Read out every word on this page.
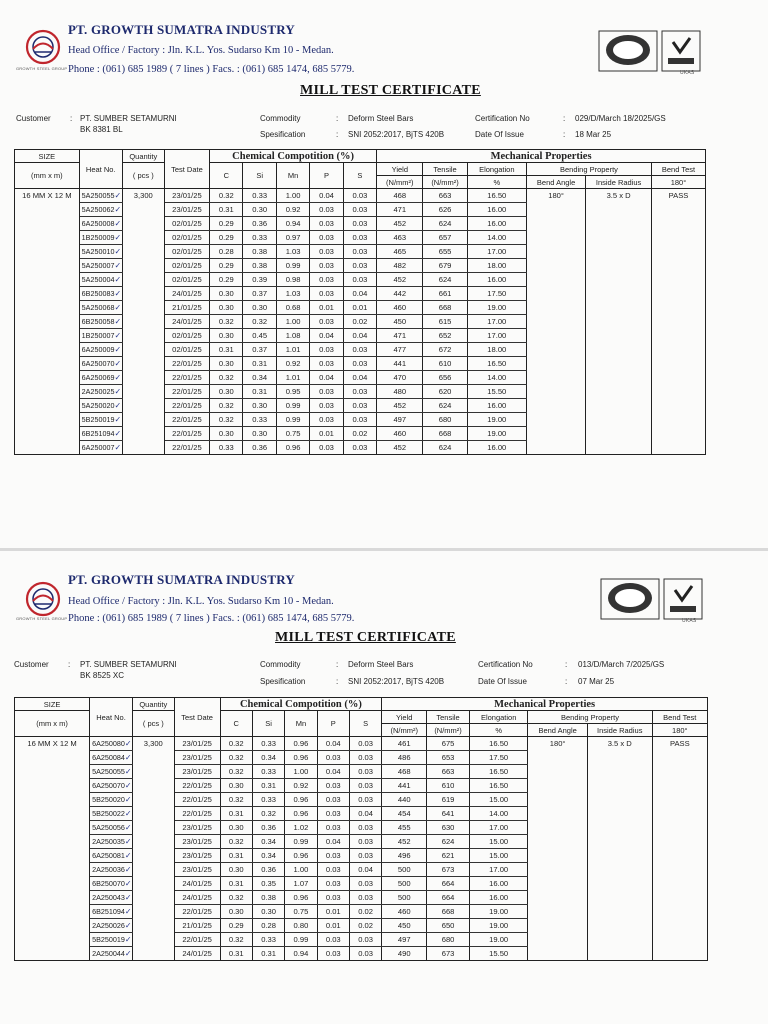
GROWTH STEEL GROUP
PT. GROWTH SUMATRA INDUSTRY
Head Office / Factory : Jln. K.L. Yos. Sudarso Km 10 - Medan.
Phone : (061) 685 1989 ( 7 lines ) Facs. : (061) 685 1474, 685 5779.	UKAS
MILL TEST CERTIFICATE
Customer : PT. SUMBER SETAMURNI
BK 8381 BL
Commodity	: Deform Steel Bars
Spesification	: SNI 2052:2017, BjTS 420B
Certification No	: 029/D/March 18/2025/GS
Date Of Issue	: 18 Mar 25
SIZE	Heat No.	Quantity	Test Date	Chemical Compotition (%)					Mechanical Properties					
(mm x m)		( pcs )		C	Si	Mn	P	S	Yield	Tensile	Elongation	Bending Property		Bend Test
									(N/mm²)	(N/mm²)	%	Bend Angle	Inside Radius	180°
16 MM X 12 M	5A250055✓	3,300	23/01/25	0.32	0.33	1.00	0.04	0.03	468	663	16.50	180°	3.5 x D	PASS
	5A250062✓		23/01/25	0.31	0.30	0.92	0.03	0.03	471	626	16.00			
	6A250008✓		02/01/25	0.29	0.36	0.94	0.03	0.03	452	624	16.00			
	1B250009✓		02/01/25	0.29	0.33	0.97	0.03	0.03	463	657	14.00			
	5A250010✓		02/01/25	0.28	0.38	1.03	0.03	0.03	465	655	17.00			
	5A250007✓		02/01/25	0.29	0.38	0.99	0.03	0.03	482	679	18.00			
	5A250004✓		02/01/25	0.29	0.39	0.98	0.03	0.03	452	624	16.00			
	6B250083✓		24/01/25	0.30	0.37	1.03	0.03	0.04	442	661	17.50			
	5A250068✓		21/01/25	0.30	0.30	0.68	0.01	0.01	460	668	19.00			
	6B250058✓		24/01/25	0.32	0.32	1.00	0.03	0.02	450	615	17.00			
	1B250007✓		02/01/25	0.30	0.45	1.08	0.04	0.04	471	652	17.00			
	6A250009✓		02/01/25	0.31	0.37	1.01	0.03	0.03	477	672	18.00			
	6A250070✓		22/01/25	0.30	0.31	0.92	0.03	0.03	441	610	16.50			
	6A250069✓		22/01/25	0.32	0.34	1.01	0.04	0.04	470	656	14.00			
	2A250025✓		22/01/25	0.30	0.31	0.95	0.03	0.03	480	620	15.50			
	5A250020✓		22/01/25	0.32	0.30	0.99	0.03	0.03	452	624	16.00			
	5B250019✓		22/01/25	0.32	0.33	0.99	0.03	0.03	497	680	19.00			
	6B251094✓		22/01/25	0.30	0.30	0.75	0.01	0.02	460	668	19.00			
	6A250007✓		22/01/25	0.33	0.36	0.96	0.03	0.03	452	624	16.00			
GROWTH STEEL GROUP
PT. GROWTH SUMATRA INDUSTRY
Head Office / Factory : Jln. K.L. Yos. Sudarso Km 10 - Medan.
Phone : (061) 685 1989 ( 7 lines ) Facs. : (061) 685 1474, 685 5779.	UKAS
MILL TEST CERTIFICATE
Customer : PT. SUMBER SETAMURNI
BK 8525 XC
Commodity	: Deform Steel Bars
Spesification	: SNI 2052:2017, BjTS 420B
Certification No	: 013/D/March 7/2025/GS
Date Of Issue	: 07 Mar 25
SIZE	Heat No.	Quantity	Test Date	Chemical Compotition (%)					Mechanical Properties					
(mm x m)		( pcs )		C	Si	Mn	P	S	Yield	Tensile	Elongation	Bending Property		Bend Test
									(N/mm²)	(N/mm²)	%	Bend Angle	Inside Radius	180°
16 MM X 12 M	6A250080✓	3,300	23/01/25	0.32	0.33	0.96	0.04	0.03	461	675	16.50	180°	3.5 x D	PASS
	6A250084✓		23/01/25	0.32	0.34	0.96	0.03	0.03	486	653	17.50			
	5A250055✓		23/01/25	0.32	0.33	1.00	0.04	0.03	468	663	16.50			
	6A250070✓		22/01/25	0.30	0.31	0.92	0.03	0.03	441	610	16.50			
	5B250020✓		22/01/25	0.32	0.33	0.96	0.03	0.03	440	619	15.00			
	5B250022✓		22/01/25	0.31	0.32	0.96	0.03	0.04	454	641	14.00			
	5A250056✓		23/01/25	0.30	0.36	1.02	0.03	0.03	455	630	17.00			
	2A250035✓		23/01/25	0.32	0.34	0.99	0.04	0.03	452	624	15.00			
	6A250081✓		23/01/25	0.31	0.34	0.96	0.03	0.03	496	621	15.00			
	2A250036✓		23/01/25	0.30	0.36	1.00	0.03	0.04	500	673	17.00			
	6B250070✓		24/01/25	0.31	0.35	1.07	0.03	0.03	500	664	16.00			
	2A250043✓		24/01/25	0.32	0.38	0.96	0.03	0.03	500	664	16.00			
	6B251094✓		22/01/25	0.30	0.30	0.75	0.01	0.02	460	668	19.00			
	2A250026✓		21/01/25	0.29	0.28	0.80	0.01	0.02	450	650	19.00			
	5B250019✓		22/01/25	0.32	0.33	0.99	0.03	0.03	497	680	19.00			
	2A250044✓		24/01/25	0.31	0.31	0.94	0.03	0.03	490	673	15.50			
